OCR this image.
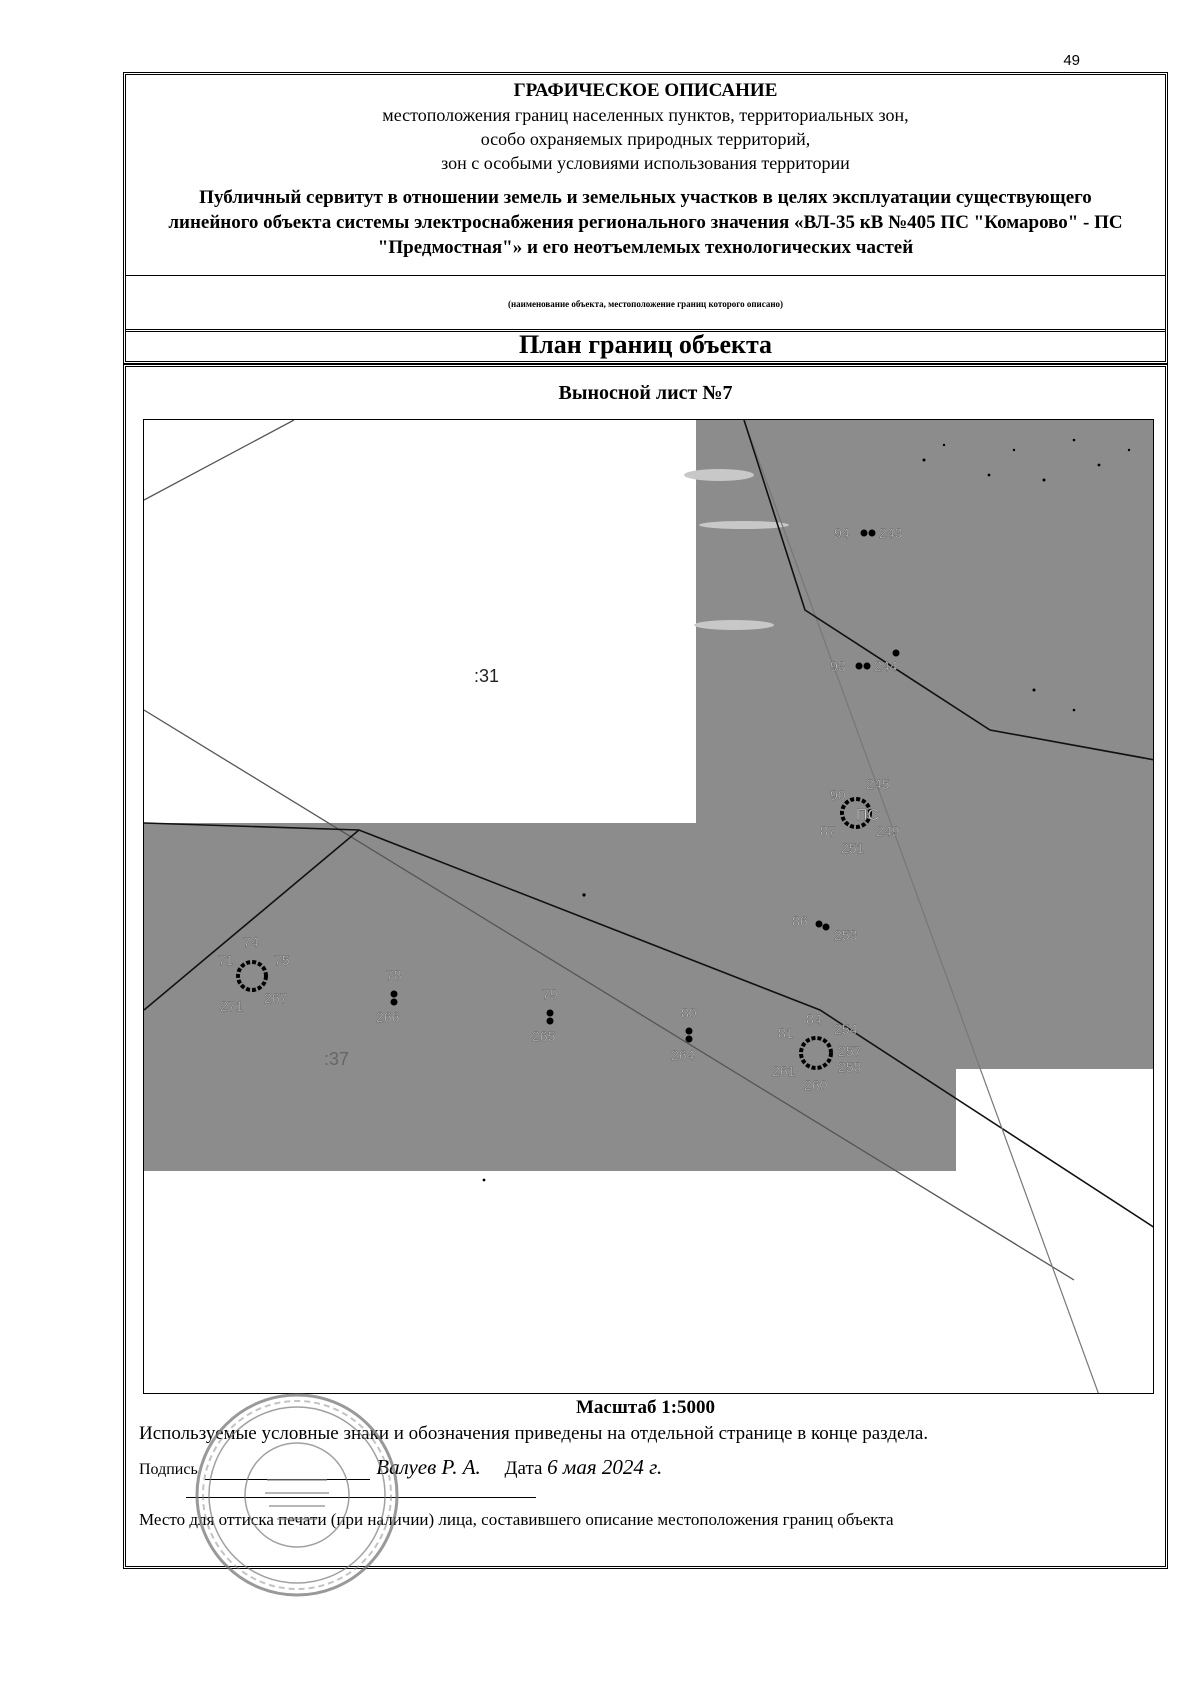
49
ГРАФИЧЕСКОЕ ОПИСАНИЕ
местоположения границ населенных пунктов, территориальных зон,
особо охраняемых природных территорий,
зон с особыми условиями использования территории
Публичный сервитут в отношении земель и земельных участков в целях эксплуатации существующего линейного объекта системы электроснабжения регионального значения «ВЛ-35 кВ №405 ПС "Комарово" - ПС "Предмостная"» и его неотъемлемых технологических частей
(наименование объекта, местоположение границ которого описано)
План границ объекта
Выносной лист №7
:31
:37
94 243
93 244
ПС
90
245
87	249
251
86
253
74
71	75
271 267
78
266
79
265
80
264
84
81	254
257
261	258
260
Масштаб 1:5000
Используемые условные знаки и обозначения приведены на отдельной странице в конце раздела.
Подпись	Валуев Р. А. Дата 6 мая 2024 г.
Место для оттиска печати (при наличии) лица, составившего описание местоположения границ объекта
